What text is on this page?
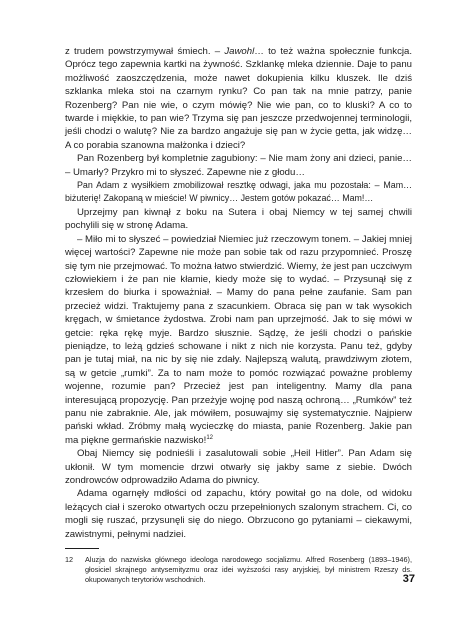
z trudem powstrzymywał śmiech. – Jawohl… to też ważna społecznie funkcja. Oprócz tego zapewnia kartki na żywność. Szklankę mleka dziennie. Daje to panu możliwość zaoszczędzenia, może nawet dokupienia kilku kluszek. Ile dziś szklanka mleka stoi na czarnym rynku? Co pan tak na mnie patrzy, panie Rozenberg? Pan nie wie, o czym mówię? Nie wie pan, co to kluski? A co to twarde i miękkie, to pan wie? Trzyma się pan jeszcze przedwojennej terminologii, jeśli chodzi o walutę? Nie za bardzo angażuje się pan w życie getta, jak widzę… A co porabia szanowna małżonka i dzieci?

Pan Rozenberg był kompletnie zagubiony: – Nie mam żony ani dzieci, panie… – Umarły? Przykro mi to słyszeć. Zapewne nie z głodu…

Pan Adam z wysiłkiem zmobilizował resztkę odwagi, jaka mu pozostała: – Mam… biżuterię! Zakopaną w mieście! W piwnicy… Jestem gotów pokazać… Mam!…

Uprzejmy pan kiwnął z boku na Sutera i obaj Niemcy w tej samej chwili pochylili się w stronę Adama.

– Miło mi to słyszeć – powiedział Niemiec już rzeczowym tonem. – Jakiej mniej więcej wartości? Zapewne nie może pan sobie tak od razu przypomnieć. Proszę się tym nie przejmować. To można łatwo stwierdzić. Wiemy, że jest pan uczciwym człowiekiem i że pan nie kłamie, kiedy może się to wydać. – Przysunął się z krzesłem do biurka i spoważniał. – Mamy do pana pełne zaufanie. Sam pan przecież widzi. Traktujemy pana z szacunkiem. Obraca się pan w tak wysokich kręgach, w śmietance żydostwa. Zrobi nam pan uprzejmość. Jak to się mówi w getcie: ręka rękę myje. Bardzo słusznie. Sądzę, że jeśli chodzi o pańskie pieniądze, to leżą gdzieś schowane i nikt z nich nie korzysta. Panu też, gdyby pan je tutaj miał, na nic by się nie zdały. Najlepszą walutą, prawdziwym złotem, są w getcie „rumki”. Za to nam może to pomóc rozwiązać poważne problemy wojenne, rozumie pan? Przecież jest pan inteligentny. Mamy dla pana interesującą propozycję. Pan przeżyje wojnę pod naszą ochroną… „Rumków” też panu nie zabraknie. Ale, jak mówiłem, posuwajmy się systematycznie. Najpierw pański wkład. Zróbmy małą wycieczkę do miasta, panie Rozenberg. Jakie pan ma piękne germańskie nazwisko!$^{12}$

Obaj Niemcy się podnieśli i zasalutowali sobie „Heil Hitler”. Pan Adam się ukłonił. W tym momencie drzwi otwarły się jakby same z siebie. Dwóch zondrowców odprowadziło Adama do piwnicy.

Adama ogarnęły mdłości od zapachu, który powitał go na dole, od widoku leżących ciał i szeroko otwartych oczu przepełnionych szalonym strachem. Ci, co mogli się ruszać, przysunęli się do niego. Obrzucono go pytaniami – ciekawymi, zawistnymi, pełnymi nadziei.

12	Aluzja do nazwiska głównego ideologa narodowego socjalizmu. Alfred Rosenberg (1893–1946), głosiciel skrajnego antysemityzmu oraz idei wyższości rasy aryjskiej, był ministrem Rzeszy ds. okupowanych terytoriów wschodnich.	37
